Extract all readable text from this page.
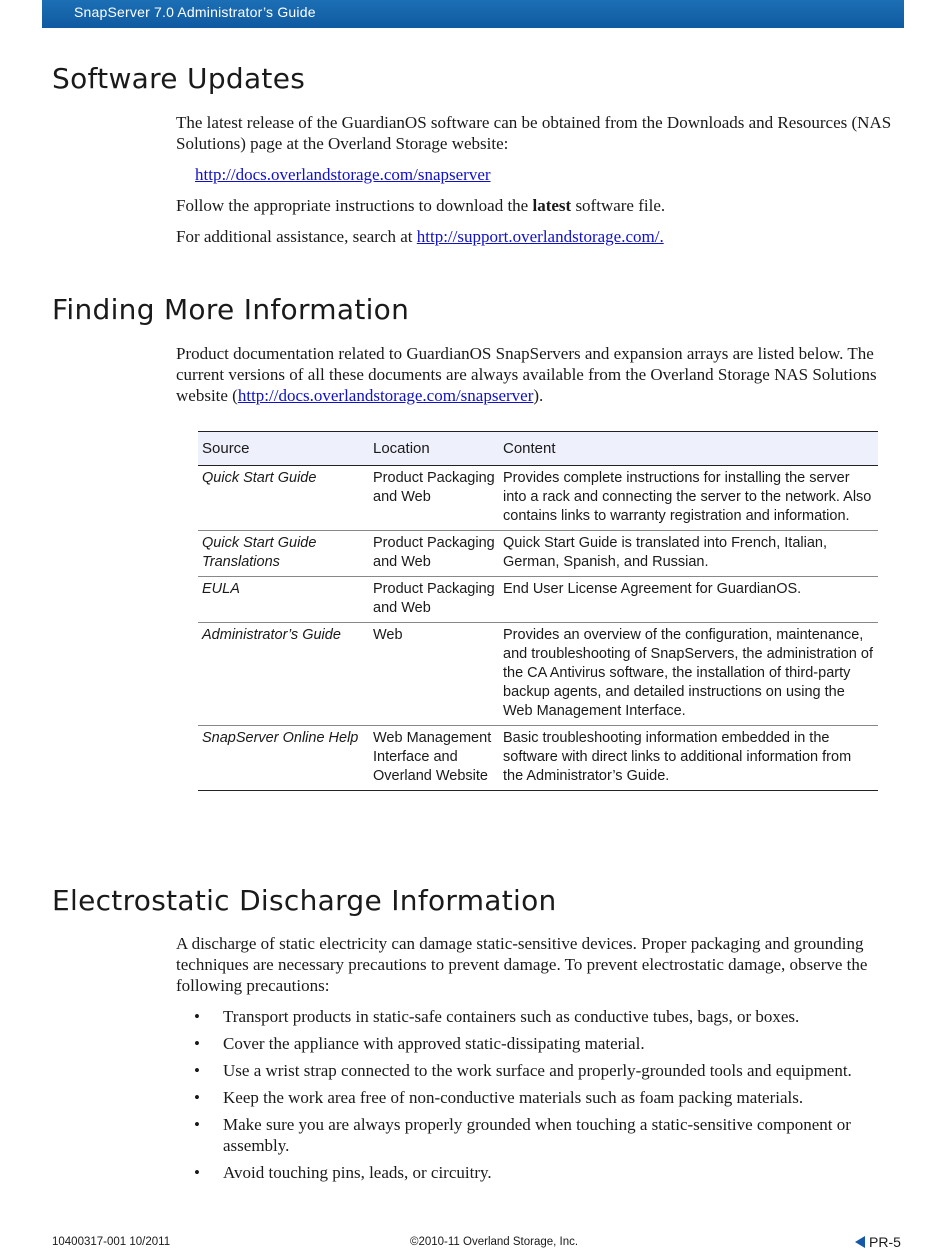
SnapServer 7.0 Administrator’s Guide
Software Updates

The latest release of the GuardianOS software can be obtained from the Downloads and Resources (NAS Solutions) page at the Overland Storage website:

http://docs.overlandstorage.com/snapserver

Follow the appropriate instructions to download the latest software file.

For additional assistance, search at http://support.overlandstorage.com/.

Finding More Information

Product documentation related to GuardianOS SnapServers and expansion arrays are listed below. The current versions of all these documents are always available from the Overland Storage NAS Solutions website (http://docs.overlandstorage.com/snapserver).

Source	Location	Content
Quick Start Guide	Product Packaging and Web	Provides complete instructions for installing the server into a rack and connecting the server to the network. Also contains links to warranty registration and information.
Quick Start Guide Translations	Product Packaging and Web	Quick Start Guide is translated into French, Italian, German, Spanish, and Russian.
EULA	Product Packaging and Web	End User License Agreement for GuardianOS.
Administrator’s Guide	Web	Provides an overview of the configuration, maintenance, and troubleshooting of SnapServers, the administration of the CA Antivirus software, the installation of third-party backup agents, and detailed instructions on using the Web Management Interface.
SnapServer Online Help	Web Management Interface and Overland Website	Basic troubleshooting information embedded in the software with direct links to additional information from the Administrator’s Guide.
Electrostatic Discharge Information

A discharge of static electricity can damage static-sensitive devices. Proper packaging and grounding techniques are necessary precautions to prevent damage. To prevent electrostatic damage, observe the following precautions:

• Transport products in static-safe containers such as conductive tubes, bags, or boxes.
• Cover the appliance with approved static-dissipating material.
• Use a wrist strap connected to the work surface and properly-grounded tools and equipment.
• Keep the work area free of non-conductive materials such as foam packing materials.
• Make sure you are always properly grounded when touching a static-sensitive component or assembly.
• Avoid touching pins, leads, or circuitry.
10400317-001 10/2011	©2010-11 Overland Storage, Inc.	PR-5
